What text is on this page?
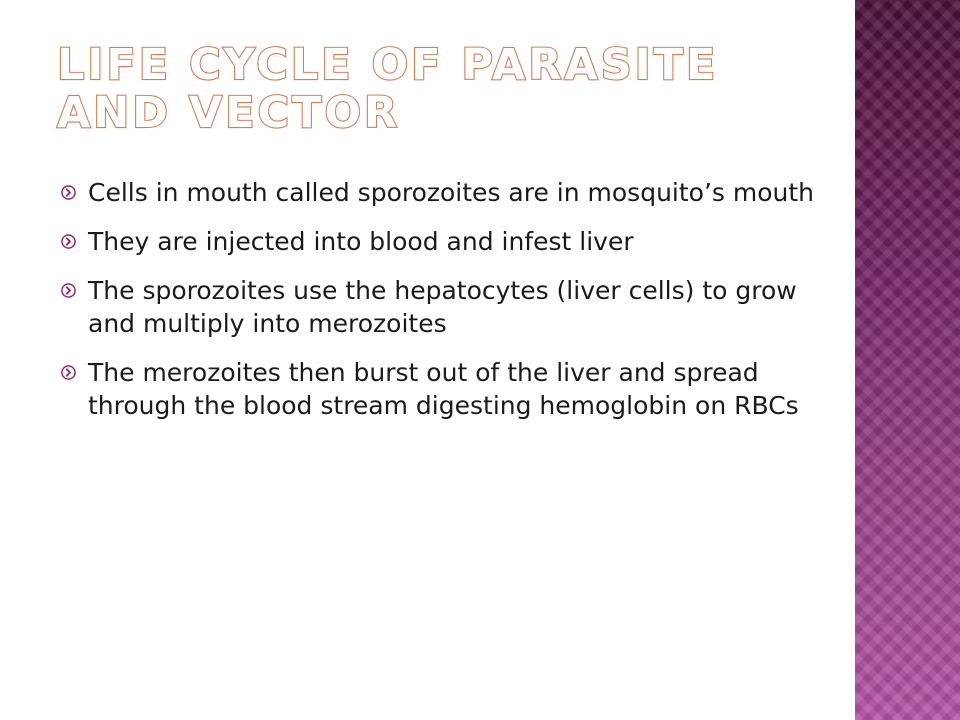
LIFE CYCLE OF PARASITE AND VECTOR
Cells in mouth called sporozoites are in mosquito’s mouth
They are injected into blood and infest liver
The sporozoites use the hepatocytes (liver cells) to grow and multiply into merozoites
The merozoites then burst out of the liver and spread through the blood stream digesting hemoglobin on RBCs
